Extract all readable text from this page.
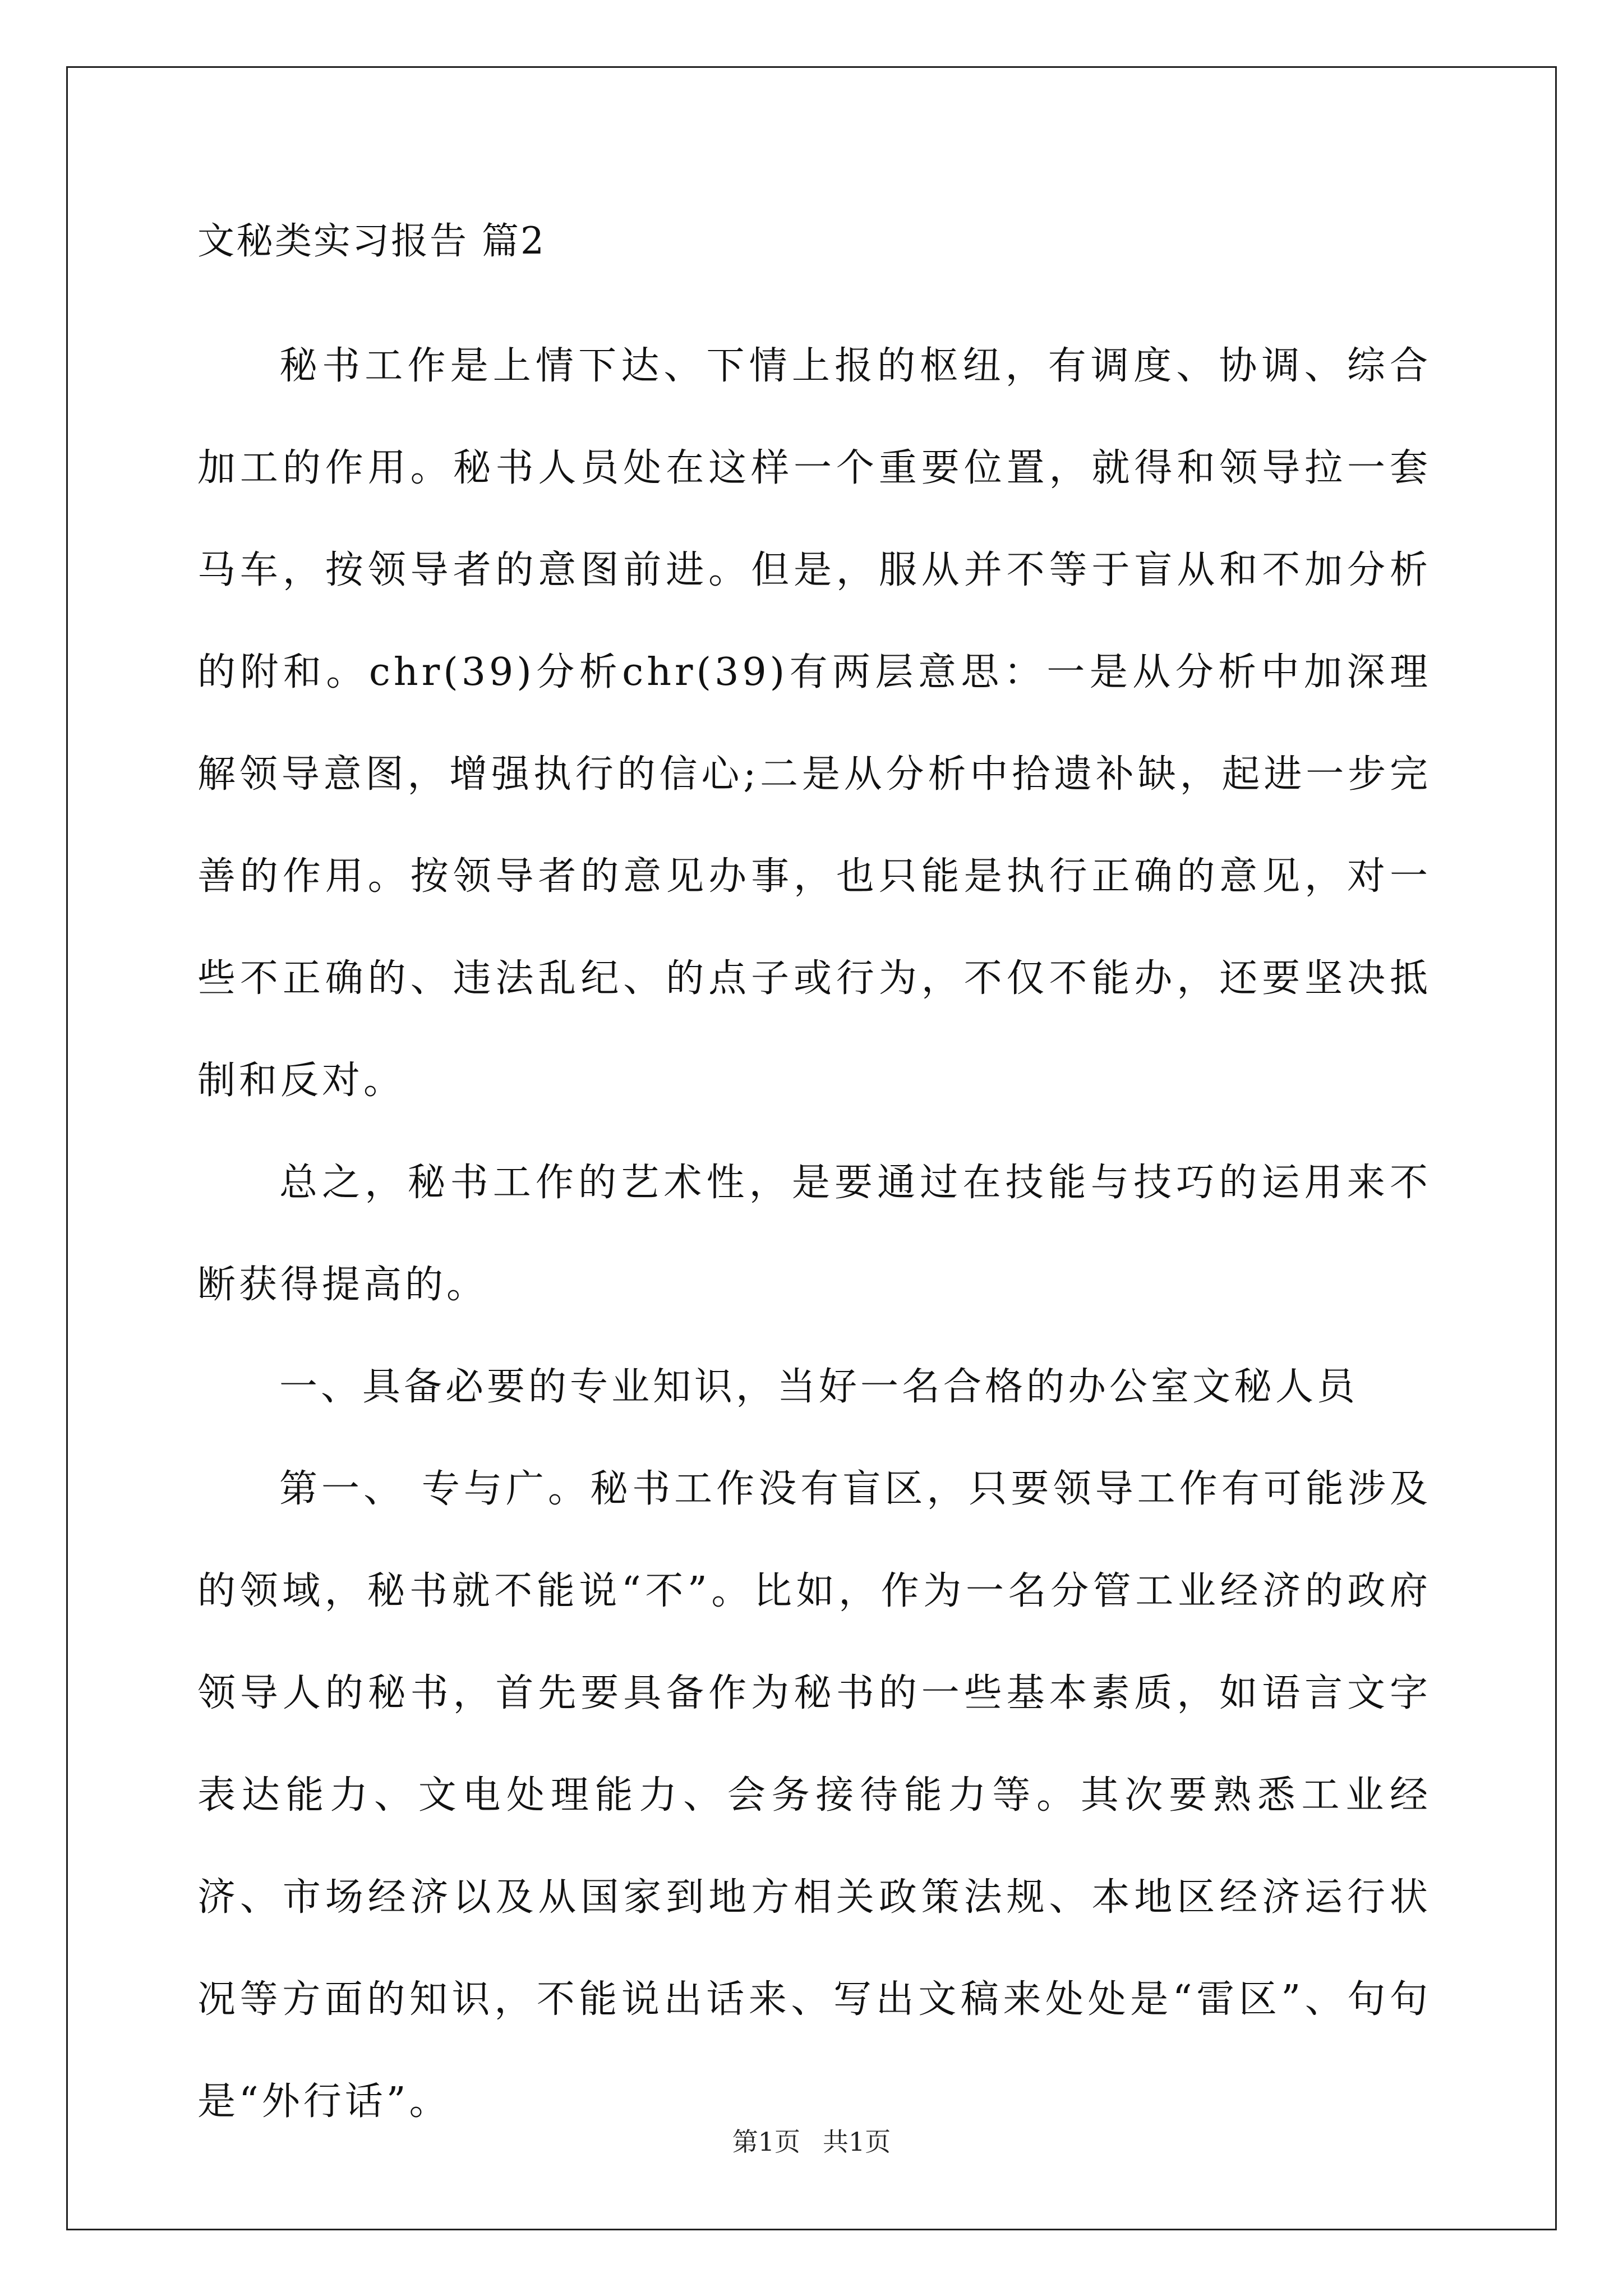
文秘类实习报告 篇2

秘书工作是上情下达、下情上报的枢纽，有调度、协调、综合加工的作用。秘书人员处在这样一个重要位置，就得和领导拉一套马车，按领导者的意图前进。但是，服从并不等于盲从和不加分析的附和。chr(39)分析chr(39)有两层意思：一是从分析中加深理解领导意图，增强执行的信心;二是从分析中拾遗补缺，起进一步完善的作用。按领导者的意见办事，也只能是执行正确的意见，对一些不正确的、违法乱纪、的点子或行为，不仅不能办，还要坚决抵制和反对。

总之，秘书工作的艺术性，是要通过在技能与技巧的运用来不断获得提高的。

一、具备必要的专业知识，当好一名合格的办公室文秘人员

第一、 专与广。秘书工作没有盲区，只要领导工作有可能涉及的领域，秘书就不能说“不”。比如，作为一名分管工业经济的政府领导人的秘书，首先要具备作为秘书的一些基本素质，如语言文字表达能力、文电处理能力、会务接待能力等。其次要熟悉工业经济、市场经济以及从国家到地方相关政策法规、本地区经济运行状况等方面的知识，不能说出话来、写出文稿来处处是“雷区”、句句是“外行话”。

第1页 共1页
